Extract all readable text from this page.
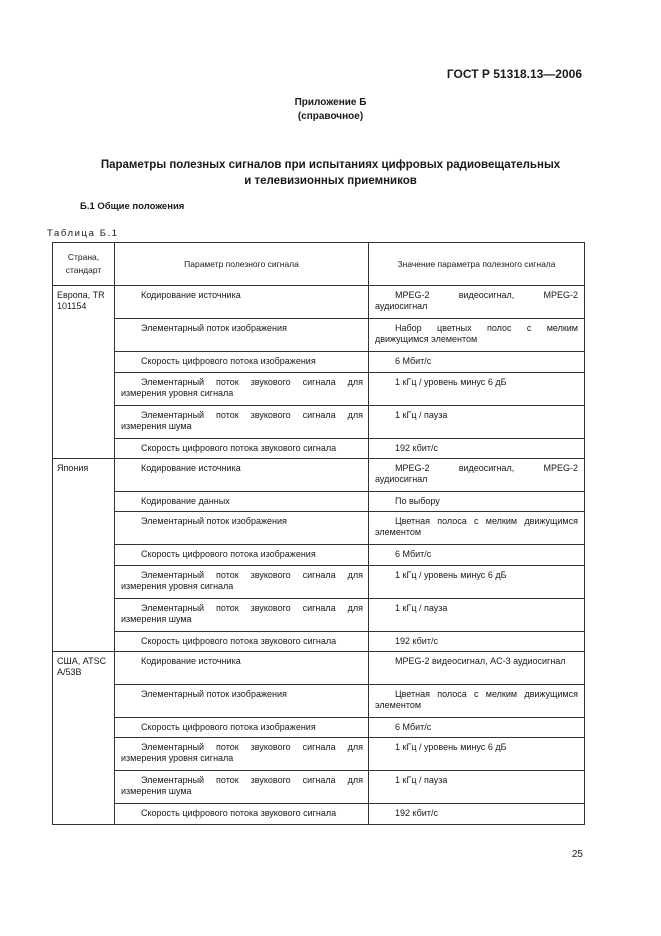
ГОСТ Р 51318.13—2006
Приложение Б
(справочное)
Параметры полезных сигналов при испытаниях цифровых радиовещательных
и телевизионных приемников
Б.1 Общие положения
Таблица Б.1
Страна, стандарт	Параметр полезного сигнала	Значение параметра полезного сигнала

Европа, TR 101154	Кодирование источника	MPEG-2 видеосигнал, MPEG-2 аудиосигнал

	Элементарный поток изображения	Набор цветных полос с мелким движущимся элементом

	Скорость цифрового потока изображения	6 Мбит/с

	Элементарный поток звукового сигнала для измерения уровня сигнала	1 кГц / уровень минус 6 дБ

	Элементарный поток звукового сигнала для измерения шума	1 кГц / пауза

	Скорость цифрового потока звукового сигнала	192 кбит/с

Япония	Кодирование источника	MPEG-2 видеосигнал, MPEG-2 аудиосигнал

	Кодирование данных	По выбору

	Элементарный поток изображения	Цветная полоса с мелким движущимся элементом

	Скорость цифрового потока изображения	6 Мбит/с

	Элементарный поток звукового сигнала для измерения уровня сигнала	1 кГц / уровень минус 6 дБ

	Элементарный поток звукового сигнала для измерения шума	1 кГц / пауза

	Скорость цифрового потока звукового сигнала	192 кбит/с

США, ATSC A/53B	Кодирование источника	MPEG-2 видеосигнал, AC-3 аудиосигнал

	Элементарный поток изображения	Цветная полоса с мелким движущимся элементом

	Скорость цифрового потока изображения	6 Мбит/с

	Элементарный поток звукового сигнала для измерения уровня сигнала	1 кГц / уровень минус 6 дБ

	Элементарный поток звукового сигнала для измерения шума	1 кГц / пауза

	Скорость цифрового потока звукового сигнала	192 кбит/с
25
